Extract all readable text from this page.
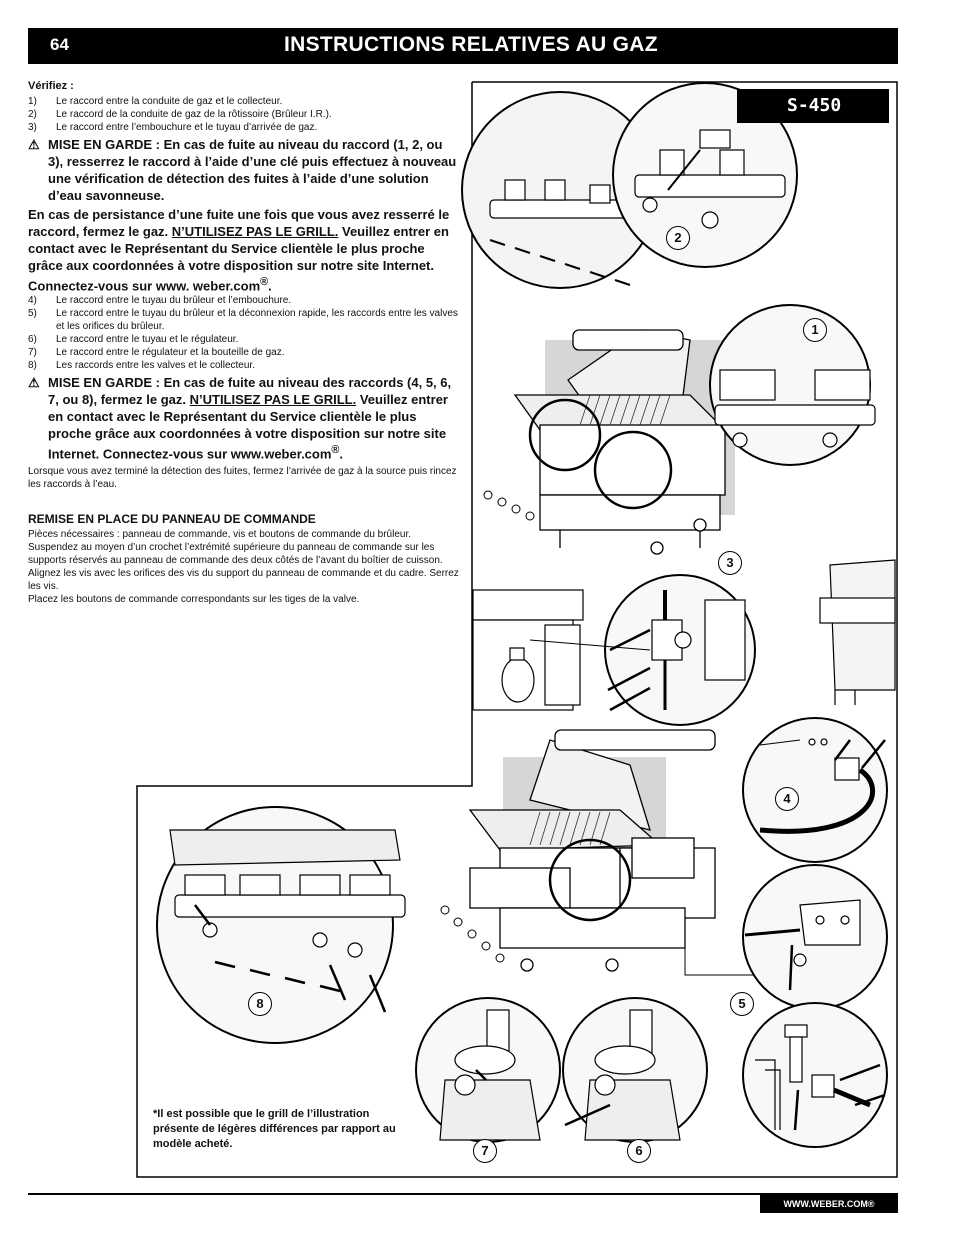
64	INSTRUCTIONS RELATIVES AU GAZ

Vérifiez :

1) Le raccord entre la conduite de gaz et le collecteur.
2) Le raccord de la conduite de gaz de la rôtissoire (Brûleur I.R.).
3) Le raccord entre l’embouchure et le tuyau d’arrivée de gaz.

⚠ MISE EN GARDE : En cas de fuite au niveau du raccord (1, 2, ou 3), resserrez le raccord à l’aide d’une clé puis effectuez à nouveau une vérification de détection des fuites à l’aide d’une solution d’eau savonneuse.

En cas de persistance d’une fuite une fois que vous avez resserré le raccord, fermez le gaz. N’UTILISEZ PAS LE GRILL. Veuillez entrer en contact avec le Représentant du Service clientèle le plus proche grâce aux coordonnées à votre disposition sur notre site Internet. Connectez-vous sur www. weber.com®.

4) Le raccord entre le tuyau du brûleur et l’embouchure.
5) Le raccord entre le tuyau du brûleur et la déconnexion rapide, les raccords entre les valves et les orifices du brûleur.
6) Le raccord entre le tuyau et le régulateur.
7) Le raccord entre le régulateur et la bouteille de gaz.
8) Les raccords entre les valves et le collecteur.

⚠ MISE EN GARDE : En cas de fuite au niveau des raccords (4, 5, 6, 7, ou 8), fermez le gaz. N’UTILISEZ PAS LE GRILL. Veuillez entrer en contact avec le Représentant du Service clientèle le plus proche grâce aux coordonnées à votre disposition sur notre site Internet. Connectez-vous sur www.weber.com®.

Lorsque vous avez terminé la détection des fuites, fermez l’arrivée de gaz à la source puis rincez les raccords à l’eau.

REMISE EN PLACE DU PANNEAU DE COMMANDE

Pièces nécessaires : panneau de commande, vis et boutons de commande du brûleur.

Suspendez au moyen d’un crochet l’extrémité supérieure du panneau de commande sur les supports réservés au panneau de commande des deux côtés de l’avant du boîtier de cuisson.

Alignez les vis avec les orifices des vis du support du panneau de commande et du cadre. Serrez les vis.

Placez les boutons de commande correspondants sur les tiges de la valve.

S-450
1
2
3
4
5
6
7
8
*Il est possible que le grill de l’illustration présente de légères différences par rapport au modèle acheté.
WWW.WEBER.COM®
